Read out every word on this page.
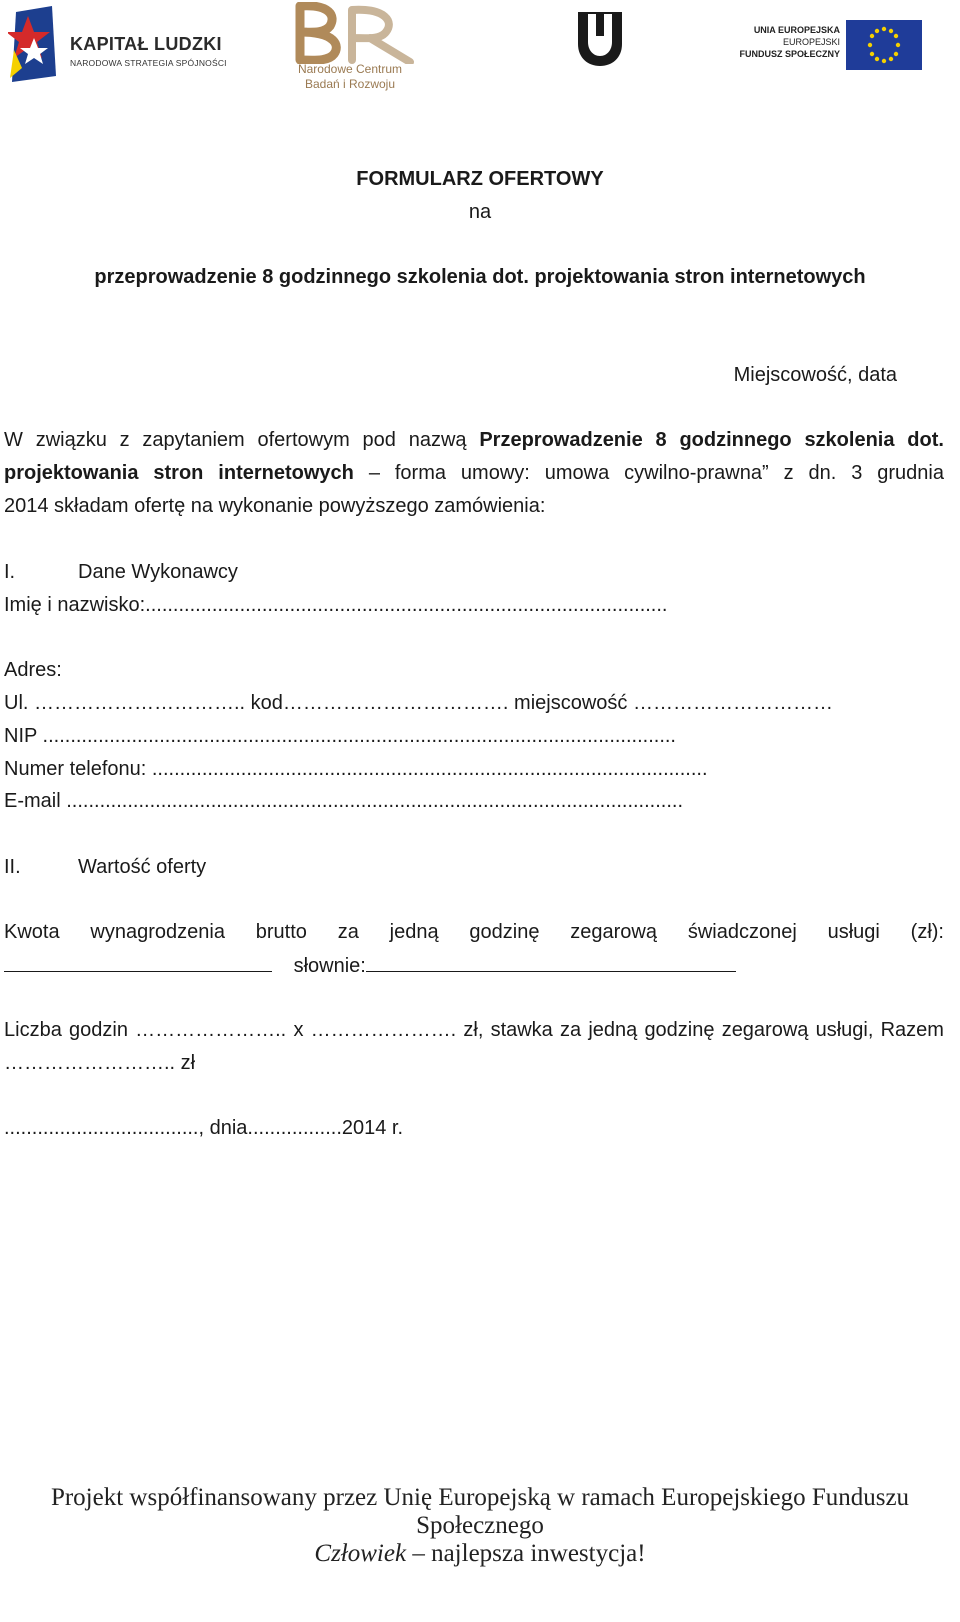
KAPITAŁ LUDZKI
NARODOWA STRATEGIA SPÓJNOŚCI	Narodowe Centrum
Badań i Rozwoju
UNIA EUROPEJSKA
EUROPEJSKI
FUNDUSZ SPOŁECZNY
FORMULARZ OFERTOWY
na
przeprowadzenie 8 godzinnego szkolenia dot. projektowania stron internetowych
Miejscowość, data
W związku z zapytaniem ofertowym pod nazwą Przeprowadzenie 8 godzinnego szkolenia dot.
projektowania stron internetowych – forma umowy: umowa cywilno-prawna” z dn. 3 grudnia
2014 składam ofertę na wykonanie powyższego zamówienia:
I.	Dane Wykonawcy
Imię i nazwisko:..............................................................................................
Adres:
Ul. ………………………….. kod……………………………. miejscowość …………………………
NIP ..................................................................................................................
Numer telefonu: ....................................................................................................
E-mail ...............................................................................................................
II.	Wartość oferty
Kwota wynagrodzenia brutto za jedną godzinę zegarową świadczonej usługi (zł):
słownie:
Liczba godzin ………………….. x …………………. zł, stawka za jedną godzinę zegarową usługi, Razem
…………………….. zł
..................................., dnia.................2014 r.
Projekt współfinansowany przez Unię Europejską w ramach Europejskiego Funduszu
Społecznego
Człowiek – najlepsza inwestycja!
